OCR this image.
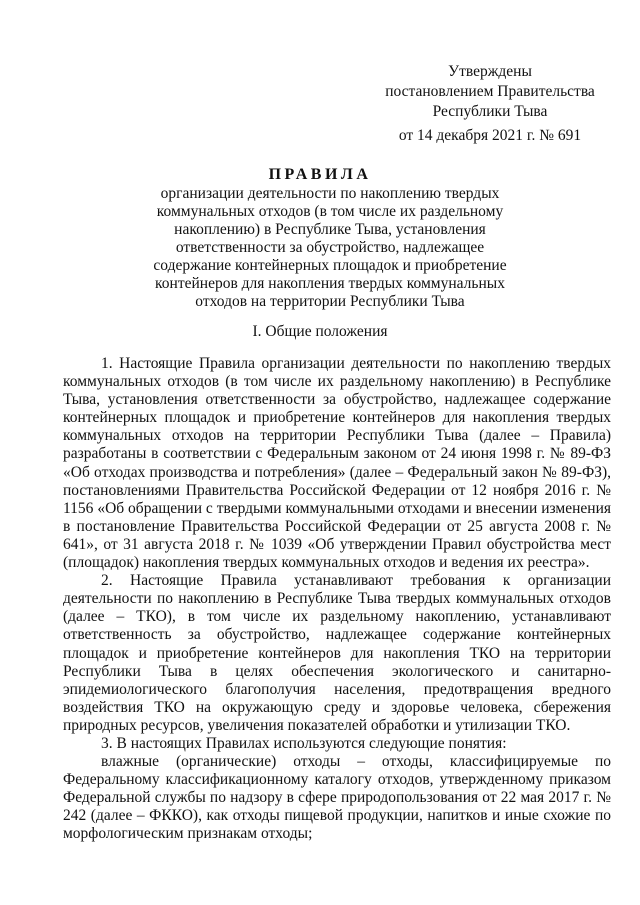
Утверждены
постановлением Правительства
Республики Тыва
от 14 декабря 2021 г. № 691
ПРАВИЛА
организации деятельности по накоплению твердых
коммунальных отходов (в том числе их раздельному
накоплению) в Республике Тыва, установления
ответственности за обустройство, надлежащее
содержание контейнерных площадок и приобретение
контейнеров для накопления твердых коммунальных
отходов на территории Республики Тыва
I. Общие положения

1. Настоящие Правила организации деятельности по накоплению твердых коммунальных отходов (в том числе их раздельному накоплению) в Республике Тыва, установления ответственности за обустройство, надлежащее содержание контейнерных площадок и приобретение контейнеров для накопления твердых коммунальных отходов на территории Республики Тыва (далее – Правила) разработаны в соответствии с Федеральным законом от 24 июня 1998 г. № 89-ФЗ «Об отходах производства и потребления» (далее – Федеральный закон № 89-ФЗ), постановлениями Правительства Российской Федерации от 12 ноября 2016 г. № 1156 «Об обращении с твердыми коммунальными отходами и внесении изменения в постановление Правительства Российской Федерации от 25 августа 2008 г. № 641», от 31 августа 2018 г. № 1039 «Об утверждении Правил обустройства мест (площадок) накопления твердых коммунальных отходов и ведения их реестра».

2. Настоящие Правила устанавливают требования к организации деятельности по накоплению в Республике Тыва твердых коммунальных отходов (далее – ТКО), в том числе их раздельному накоплению, устанавливают ответственность за обустройство, надлежащее содержание контейнерных площадок и приобретение контейнеров для накопления ТКО на территории Республики Тыва в целях обеспечения экологического и санитарно-эпидемиологического благополучия населения, предотвращения вредного воздействия ТКО на окружающую среду и здоровье человека, сбережения природных ресурсов, увеличения показателей обработки и утилизации ТКО.

3. В настоящих Правилах используются следующие понятия:

влажные (органические) отходы – отходы, классифицируемые по Федеральному классификационному каталогу отходов, утвержденному приказом Федеральной службы по надзору в сфере природопользования от 22 мая 2017 г. № 242 (далее – ФККО), как отходы пищевой продукции, напитков и иные схожие по морфологическим признакам отходы;
